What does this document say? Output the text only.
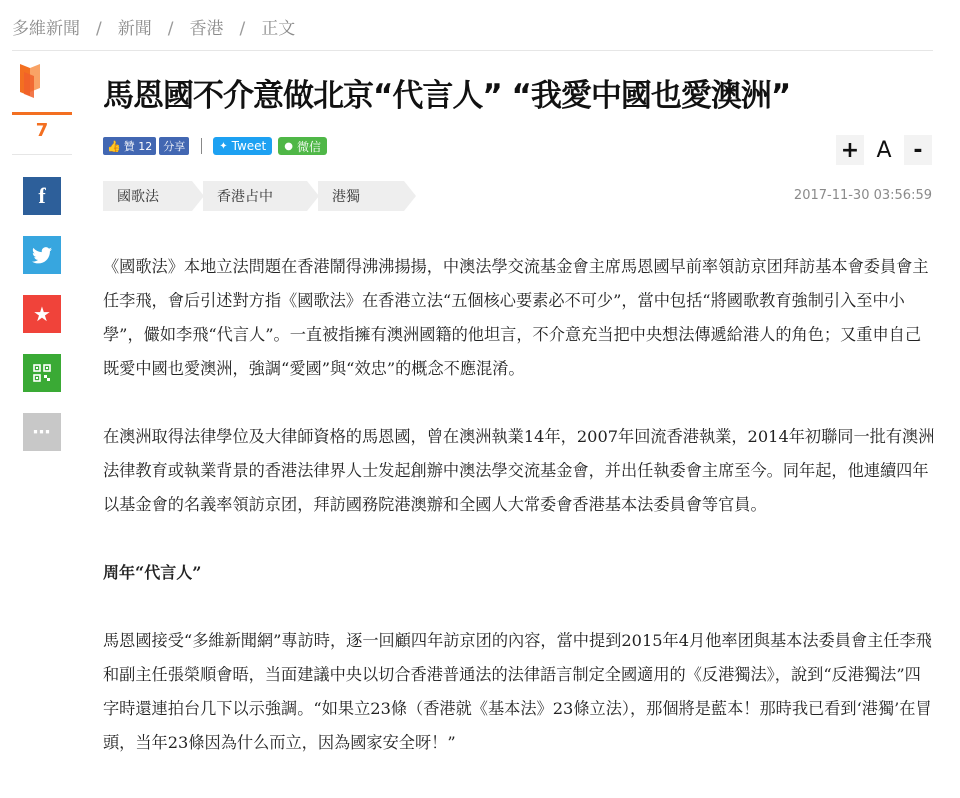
多維新聞 / 新聞 / 香港 / 正文
7
f
★
⋯
馬恩國不介意做北京“代言人” “我愛中國也愛澳洲”
👍 贊 12	分享	✦ Tweet ● 微信	+ A -
國歌法	香港占中	港獨	2017-11-30 03:56:59

《國歌法》本地立法問題在香港鬧得沸沸揚揚，中澳法學交流基金會主席馬恩國早前率領訪京团拜訪基本會委員會主任李飛，會后引述對方指《國歌法》在香港立法“五個核心要素必不可少”，當中包括“將國歌教育強制引入至中小學”，儼如李飛“代言人”。一直被指擁有澳洲國籍的他坦言，不介意充当把中央想法傳遞給港人的角色；又重申自己既愛中國也愛澳洲，強調“愛國”與“效忠”的概念不應混淆。

在澳洲取得法律學位及大律師資格的馬恩國，曾在澳洲執業14年，2007年回流香港執業，2014年初聯同一批有澳洲法律教育或執業背景的香港法律界人士发起創辦中澳法學交流基金會，并出任執委會主席至今。同年起，他連續四年以基金會的名義率領訪京团，拜訪國務院港澳辦和全國人大常委會香港基本法委員會等官員。

周年“代言人”

馬恩國接受“多維新聞網”專訪時，逐一回顧四年訪京团的內容，當中提到2015年4月他率团與基本法委員會主任李飛和副主任張榮順會晤，当面建議中央以切合香港普通法的法律語言制定全國適用的《反港獨法》，說到“反港獨法”四字時還連拍台几下以示強調。“如果立23條（香港就《基本法》23條立法），那個將是藍本！那時我已看到‘港獨’在冒頭，当年23條因為什么而立，因為國家安全呀！”
